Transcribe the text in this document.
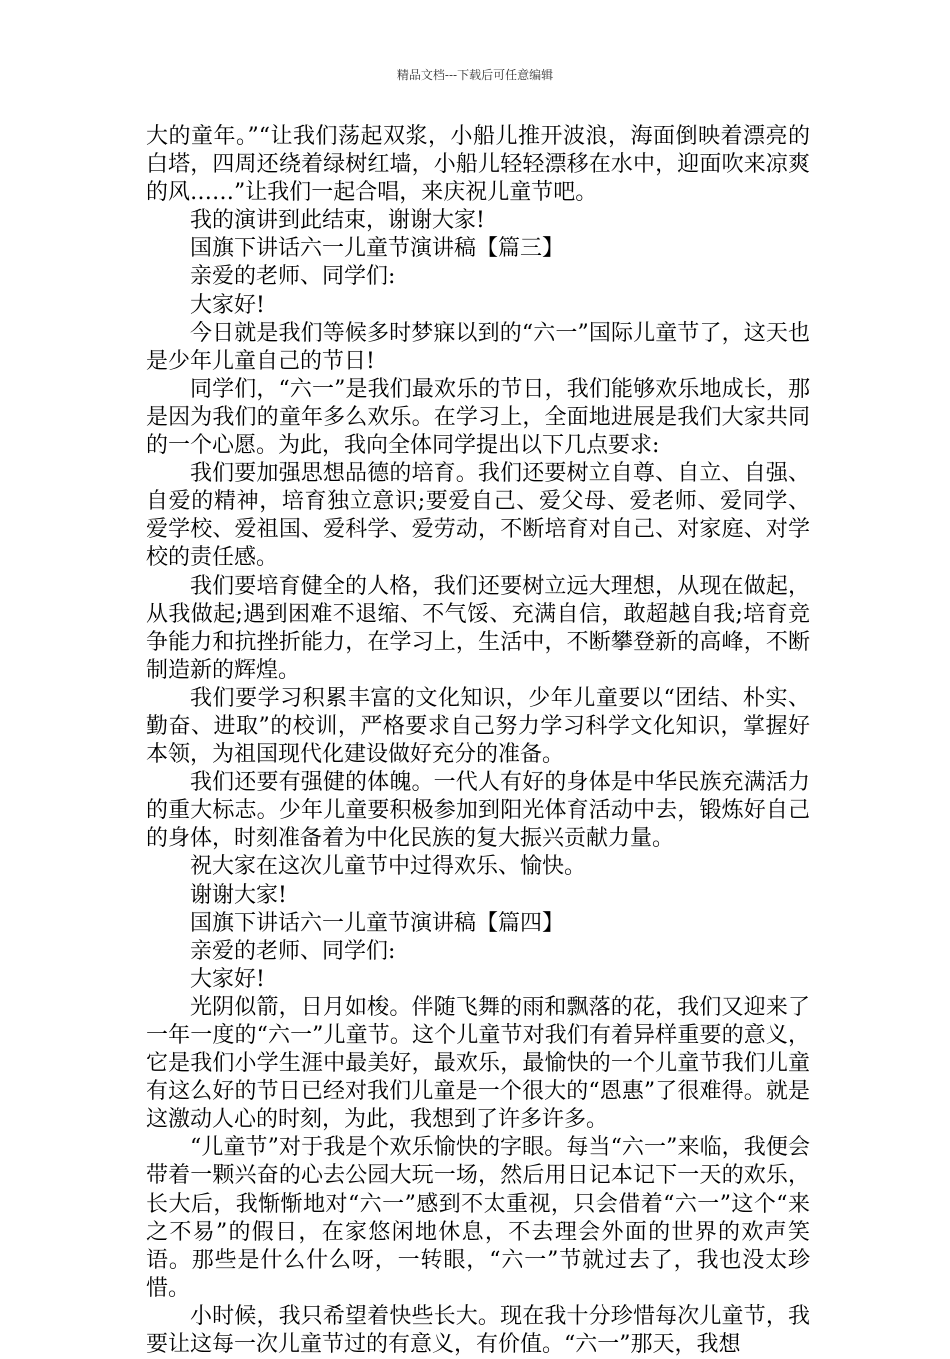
精品文档---下载后可任意编辑

大的童年。”“让我们荡起双浆，小船儿推开波浪，海面倒映着漂亮的白塔，四周还绕着绿树红墙，小船儿轻轻漂移在水中，迎面吹来凉爽的风……”让我们一起合唱，来庆祝儿童节吧。

我的演讲到此结束，谢谢大家!

国旗下讲话六一儿童节演讲稿【篇三】

亲爱的老师、同学们:

大家好!

今日就是我们等候多时梦寐以到的“六一”国际儿童节了，这天也是少年儿童自己的节日!

同学们，“六一”是我们最欢乐的节日，我们能够欢乐地成长，那是因为我们的童年多么欢乐。在学习上，全面地进展是我们大家共同的一个心愿。为此，我向全体同学提出以下几点要求:

我们要加强思想品德的培育。我们还要树立自尊、自立、自强、自爱的精神，培育独立意识;要爱自己、爱父母、爱老师、爱同学、爱学校、爱祖国、爱科学、爱劳动，不断培育对自己、对家庭、对学校的责任感。

我们要培育健全的人格，我们还要树立远大理想，从现在做起，从我做起;遇到困难不退缩、不气馁、充满自信，敢超越自我;培育竞争能力和抗挫折能力，在学习上，生活中，不断攀登新的高峰，不断制造新的辉煌。

我们要学习积累丰富的文化知识，少年儿童要以“团结、朴实、勤奋、进取”的校训，严格要求自己努力学习科学文化知识，掌握好本领，为祖国现代化建设做好充分的准备。

我们还要有强健的体魄。一代人有好的身体是中华民族充满活力的重大标志。少年儿童要积极参加到阳光体育活动中去，锻炼好自己的身体，时刻准备着为中化民族的复大振兴贡献力量。

祝大家在这次儿童节中过得欢乐、愉快。

谢谢大家!

国旗下讲话六一儿童节演讲稿【篇四】

亲爱的老师、同学们:

大家好!

光阴似箭，日月如梭。伴随飞舞的雨和飘落的花，我们又迎来了一年一度的“六一”儿童节。这个儿童节对我们有着异样重要的意义，它是我们小学生涯中最美好，最欢乐，最愉快的一个儿童节我们儿童有这么好的节日已经对我们儿童是一个很大的“恩惠”了很难得。就是这激动人心的时刻，为此，我想到了许多许多。

“儿童节”对于我是个欢乐愉快的字眼。每当“六一”来临，我便会带着一颗兴奋的心去公园大玩一场，然后用日记本记下一天的欢乐，长大后，我惭惭地对“六一”感到不太重视，只会借着“六一”这个“来之不易”的假日，在家悠闲地休息，不去理会外面的世界的欢声笑语。那些是什么什么呀，一转眼，“六一”节就过去了，我也没太珍惜。

小时候，我只希望着快些长大。现在我十分珍惜每次儿童节，我要让这每一次儿童节过的有意义，有价值。“六一”那天，我想
